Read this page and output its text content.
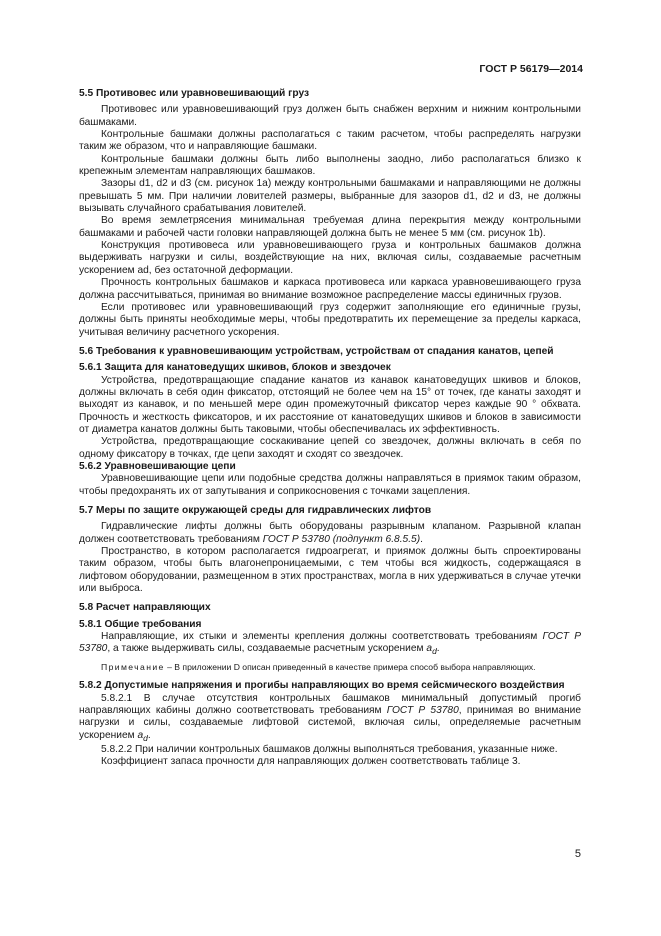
ГОСТ Р 56179—2014

5.5 Противовес или уравновешивающий груз

Противовес или уравновешивающий груз должен быть снабжен верхним и нижним контрольными башмаками.

Контрольные башмаки должны располагаться с таким расчетом, чтобы распределять нагрузки таким же образом, что и направляющие башмаки.

Контрольные башмаки должны быть либо выполнены заодно, либо располагаться близко к крепежным элементам направляющих башмаков.

Зазоры d1, d2 и d3 (см. рисунок 1а) между контрольными башмаками и направляющими не должны превышать 5 мм. При наличии ловителей размеры, выбранные для зазоров d1, d2 и d3, не должны вызывать случайного срабатывания ловителей.

Во время землетрясения минимальная требуемая длина перекрытия между контрольными башмаками и рабочей части головки направляющей должна быть не менее 5 мм (см. рисунок 1b).

Конструкция противовеса или уравновешивающего груза и контрольных башмаков должна выдерживать нагрузки и силы, воздействующие на них, включая силы, создаваемые расчетным ускорением ad, без остаточной деформации.

Прочность контрольных башмаков и каркаса противовеса или каркаса уравновешивающего груза должна рассчитываться, принимая во внимание возможное распределение массы единичных грузов.

Если противовес или уравновешивающий груз содержит заполняющие его единичные грузы, должны быть приняты необходимые меры, чтобы предотвратить их перемещение за пределы каркаса, учитывая величину расчетного ускорения.

5.6 Требования к уравновешивающим устройствам, устройствам от спадания канатов, цепей

5.6.1 Защита для канатоведущих шкивов, блоков и звездочек

Устройства, предотвращающие спадание канатов из канавок канатоведущих шкивов и блоков, должны включать в себя один фиксатор, отстоящий не более чем на 15° от точек, где канаты заходят и выходят из канавок, и по меньшей мере один промежуточный фиксатор через каждые 90 ° обхвата. Прочность и жесткость фиксаторов, и их расстояние от канатоведущих шкивов и блоков в зависимости от диаметра канатов должны быть таковыми, чтобы обеспечивалась их эффективность.

Устройства, предотвращающие соскакивание цепей со звездочек, должны включать в себя по одному фиксатору в точках, где цепи заходят и сходят со звездочек.

5.6.2 Уравновешивающие цепи

Уравновешивающие цепи или подобные средства должны направляться в приямок таким образом, чтобы предохранять их от запутывания и соприкосновения с точками зацепления.

5.7 Меры по защите окружающей среды для гидравлических лифтов

Гидравлические лифты должны быть оборудованы разрывным клапаном. Разрывной клапан должен соответствовать требованиям ГОСТ Р 53780 (подпункт 6.8.5.5).

Пространство, в котором располагается гидроагрегат, и приямок должны быть спроектированы таким образом, чтобы быть влагонепроницаемыми, с тем чтобы вся жидкость, содержащаяся в лифтовом оборудовании, размещенном в этих пространствах, могла в них удерживаться в случае утечки или выброса.

5.8 Расчет направляющих

5.8.1 Общие требования

Направляющие, их стыки и элементы крепления должны соответствовать требованиям ГОСТ Р 53780, а также выдерживать силы, создаваемые расчетным ускорением $a_d$.

Примечание – В приложении D описан приведенный в качестве примера способ выбора направляющих.

5.8.2 Допустимые напряжения и прогибы направляющих во время сейсмического воздействия

5.8.2.1 В случае отсутствия контрольных башмаков минимальный допустимый прогиб направляющих кабины должно соответствовать требованиям ГОСТ Р 53780, принимая во внимание нагрузки и силы, создаваемые лифтовой системой, включая силы, определяемые расчетным ускорением $a_d$.

5.8.2.2 При наличии контрольных башмаков должны выполняться требования, указанные ниже.

Коэффициент запаса прочности для направляющих должен соответствовать таблице 3.

5
